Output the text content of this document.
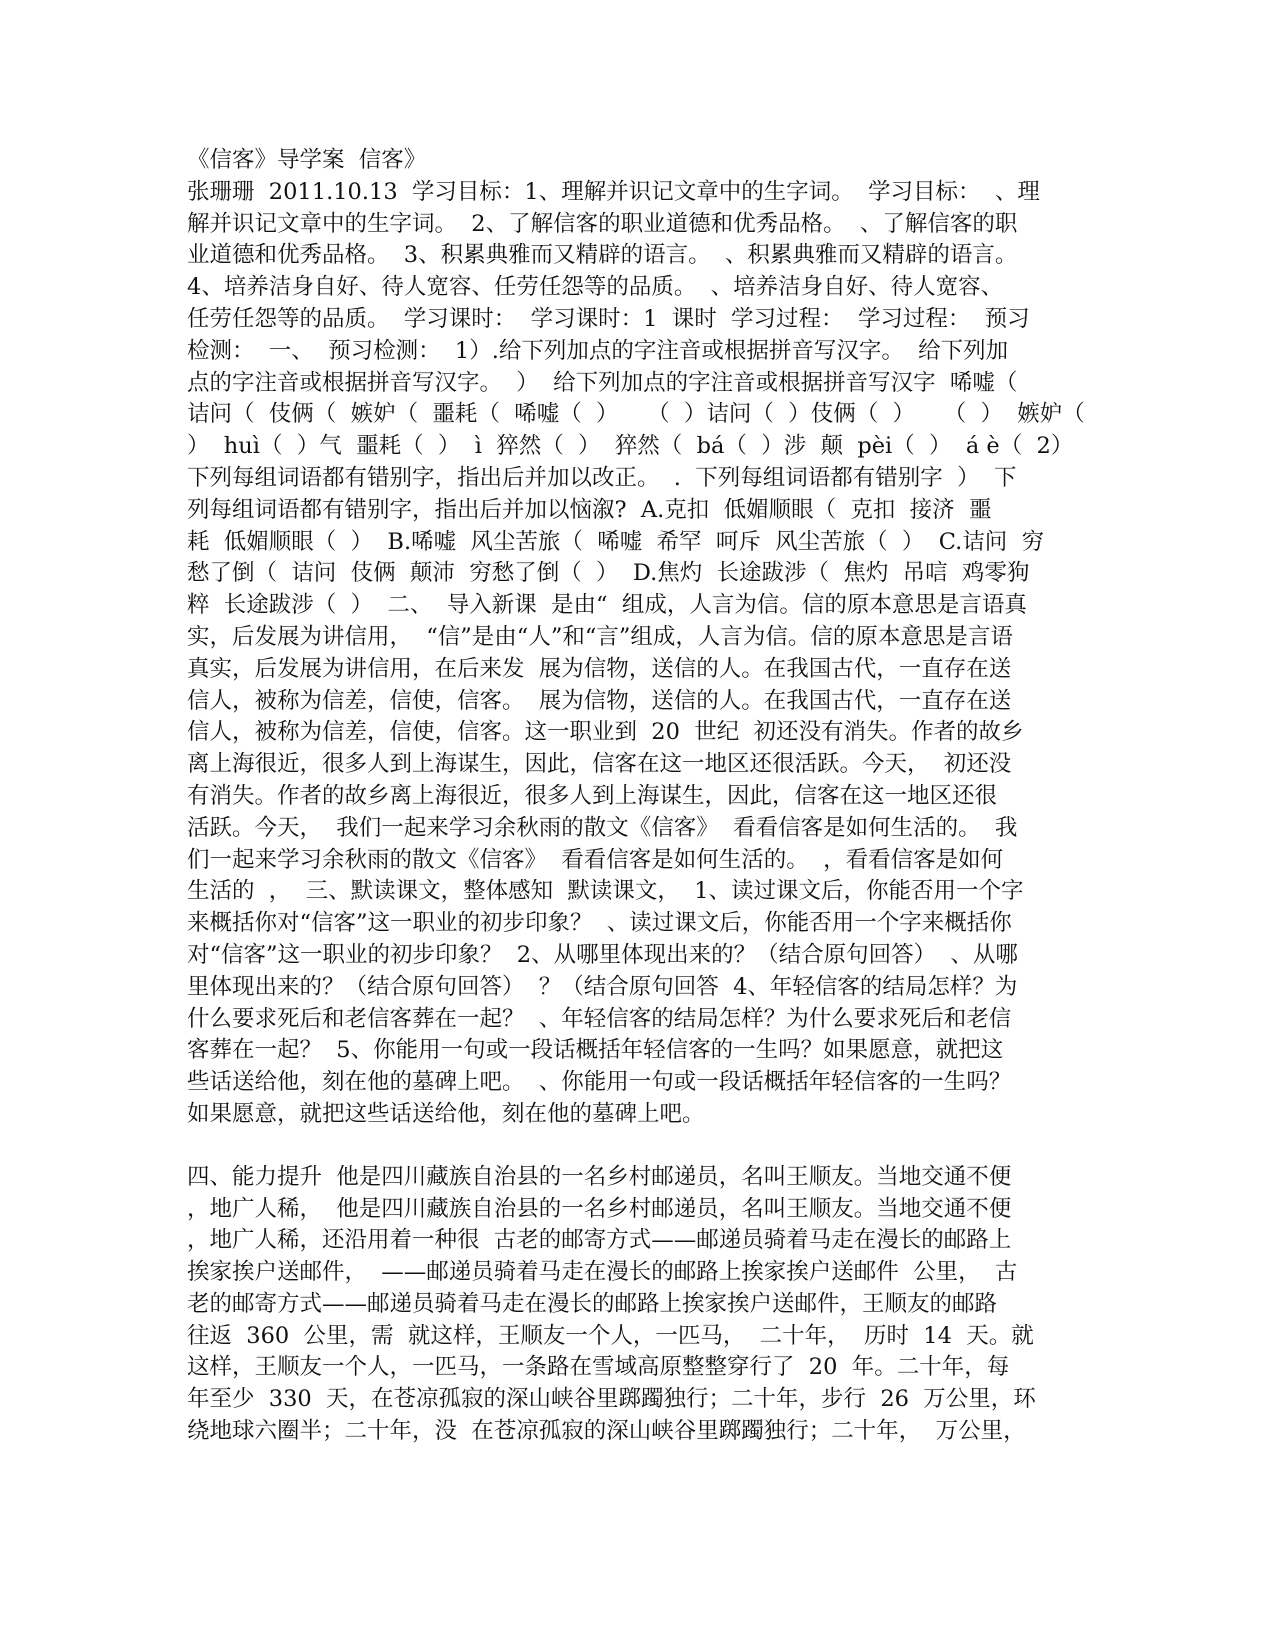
《信客》导学案  信客》
张珊珊  2011.10.13  学习目标：1、理解并识记文章中的生字词。  学习目标：  、理
解并识记文章中的生字词。  2、了解信客的职业道德和优秀品格。  、了解信客的职
业道德和优秀品格。  3、积累典雅而又精辟的语言。  、积累典雅而又精辟的语言。
4、培养洁身自好、待人宽容、任劳任怨等的品质。  、培养洁身自好、待人宽容、
任劳任怨等的品质。  学习课时：  学习课时：1  课时  学习过程：  学习过程：  预习
检测：  一、  预习检测：  1）.给下列加点的字注音或根据拼音写汉字。  给下列加
点的字注音或根据拼音写汉字。  ）  给下列加点的字注音或根据拼音写汉字  唏嘘（
诘问（  伎俩（  嫉妒（  噩耗（  唏嘘（  ）    （  ）诘问（  ）伎俩（  ）    （  ）  嫉妒（
）  huì（  ）气  噩耗（  ）  ì  猝然（  ）  猝然（  bá（  ）涉  颠  pèi（  ）  á è（  2）
下列每组词语都有错别字，指出后并加以改正。  .  下列每组词语都有错别字  ）  下
列每组词语都有错别字，指出后并加以恼溆?  A.克扣  低媚顺眼（  克扣  接济  噩
耗  低媚顺眼（  ）  B.唏嘘  风尘苦旅（  唏嘘  希罕  呵斥  风尘苦旅（  ）  C.诘问  穷
愁了倒（  诘问  伎俩  颠沛  穷愁了倒（  ）  D.焦灼  长途跋涉（  焦灼  吊唁  鸡零狗
粹  长途跋涉（  ）  二、  导入新课  是由“  组成，人言为信。信的原本意思是言语真
实，后发展为讲信用，  “信”是由“人”和“言”组成，人言为信。信的原本意思是言语
真实，后发展为讲信用，在后来发  展为信物，送信的人。在我国古代，一直存在送
信人，被称为信差，信使，信客。  展为信物，送信的人。在我国古代，一直存在送
信人，被称为信差，信使，信客。这一职业到  20  世纪  初还没有消失。作者的故乡
离上海很近，很多人到上海谋生，因此，信客在这一地区还很活跃。今天，  初还没
有消失。作者的故乡离上海很近，很多人到上海谋生，因此，信客在这一地区还很
活跃。今天，  我们一起来学习余秋雨的散文《信客》  看看信客是如何生活的。  我
们一起来学习余秋雨的散文《信客》  看看信客是如何生活的。  ，看看信客是如何
生活的  ，  三、默读课文，整体感知  默读课文，  1、读过课文后，你能否用一个字
来概括你对“信客”这一职业的初步印象？  、读过课文后，你能否用一个字来概括你
对“信客”这一职业的初步印象？  2、从哪里体现出来的？（结合原句回答）  、从哪
里体现出来的？（结合原句回答）  ？（结合原句回答  4、年轻信客的结局怎样？为
什么要求死后和老信客葬在一起？  、年轻信客的结局怎样？为什么要求死后和老信
客葬在一起？  5、你能用一句或一段话概括年轻信客的一生吗？如果愿意，就把这
些话送给他，刻在他的墓碑上吧。  、你能用一句或一段话概括年轻信客的一生吗？
如果愿意，就把这些话送给他，刻在他的墓碑上吧。
四、能力提升  他是四川藏族自治县的一名乡村邮递员，名叫王顺友。当地交通不便
，地广人稀，  他是四川藏族自治县的一名乡村邮递员，名叫王顺友。当地交通不便
，地广人稀，还沿用着一种很  古老的邮寄方式——邮递员骑着马走在漫长的邮路上
挨家挨户送邮件，  ——邮递员骑着马走在漫长的邮路上挨家挨户送邮件  公里，  古
老的邮寄方式——邮递员骑着马走在漫长的邮路上挨家挨户送邮件，王顺友的邮路
往返  360  公里，需  就这样，王顺友一个人，一匹马，  二十年，  历时  14  天。就
这样，王顺友一个人，一匹马，一条路在雪域高原整整穿行了  20  年。二十年，每
年至少  330  天，在苍凉孤寂的深山峡谷里踯躅独行；二十年，步行  26  万公里，环
绕地球六圈半；二十年，没  在苍凉孤寂的深山峡谷里踯躅独行；二十年，  万公里，
